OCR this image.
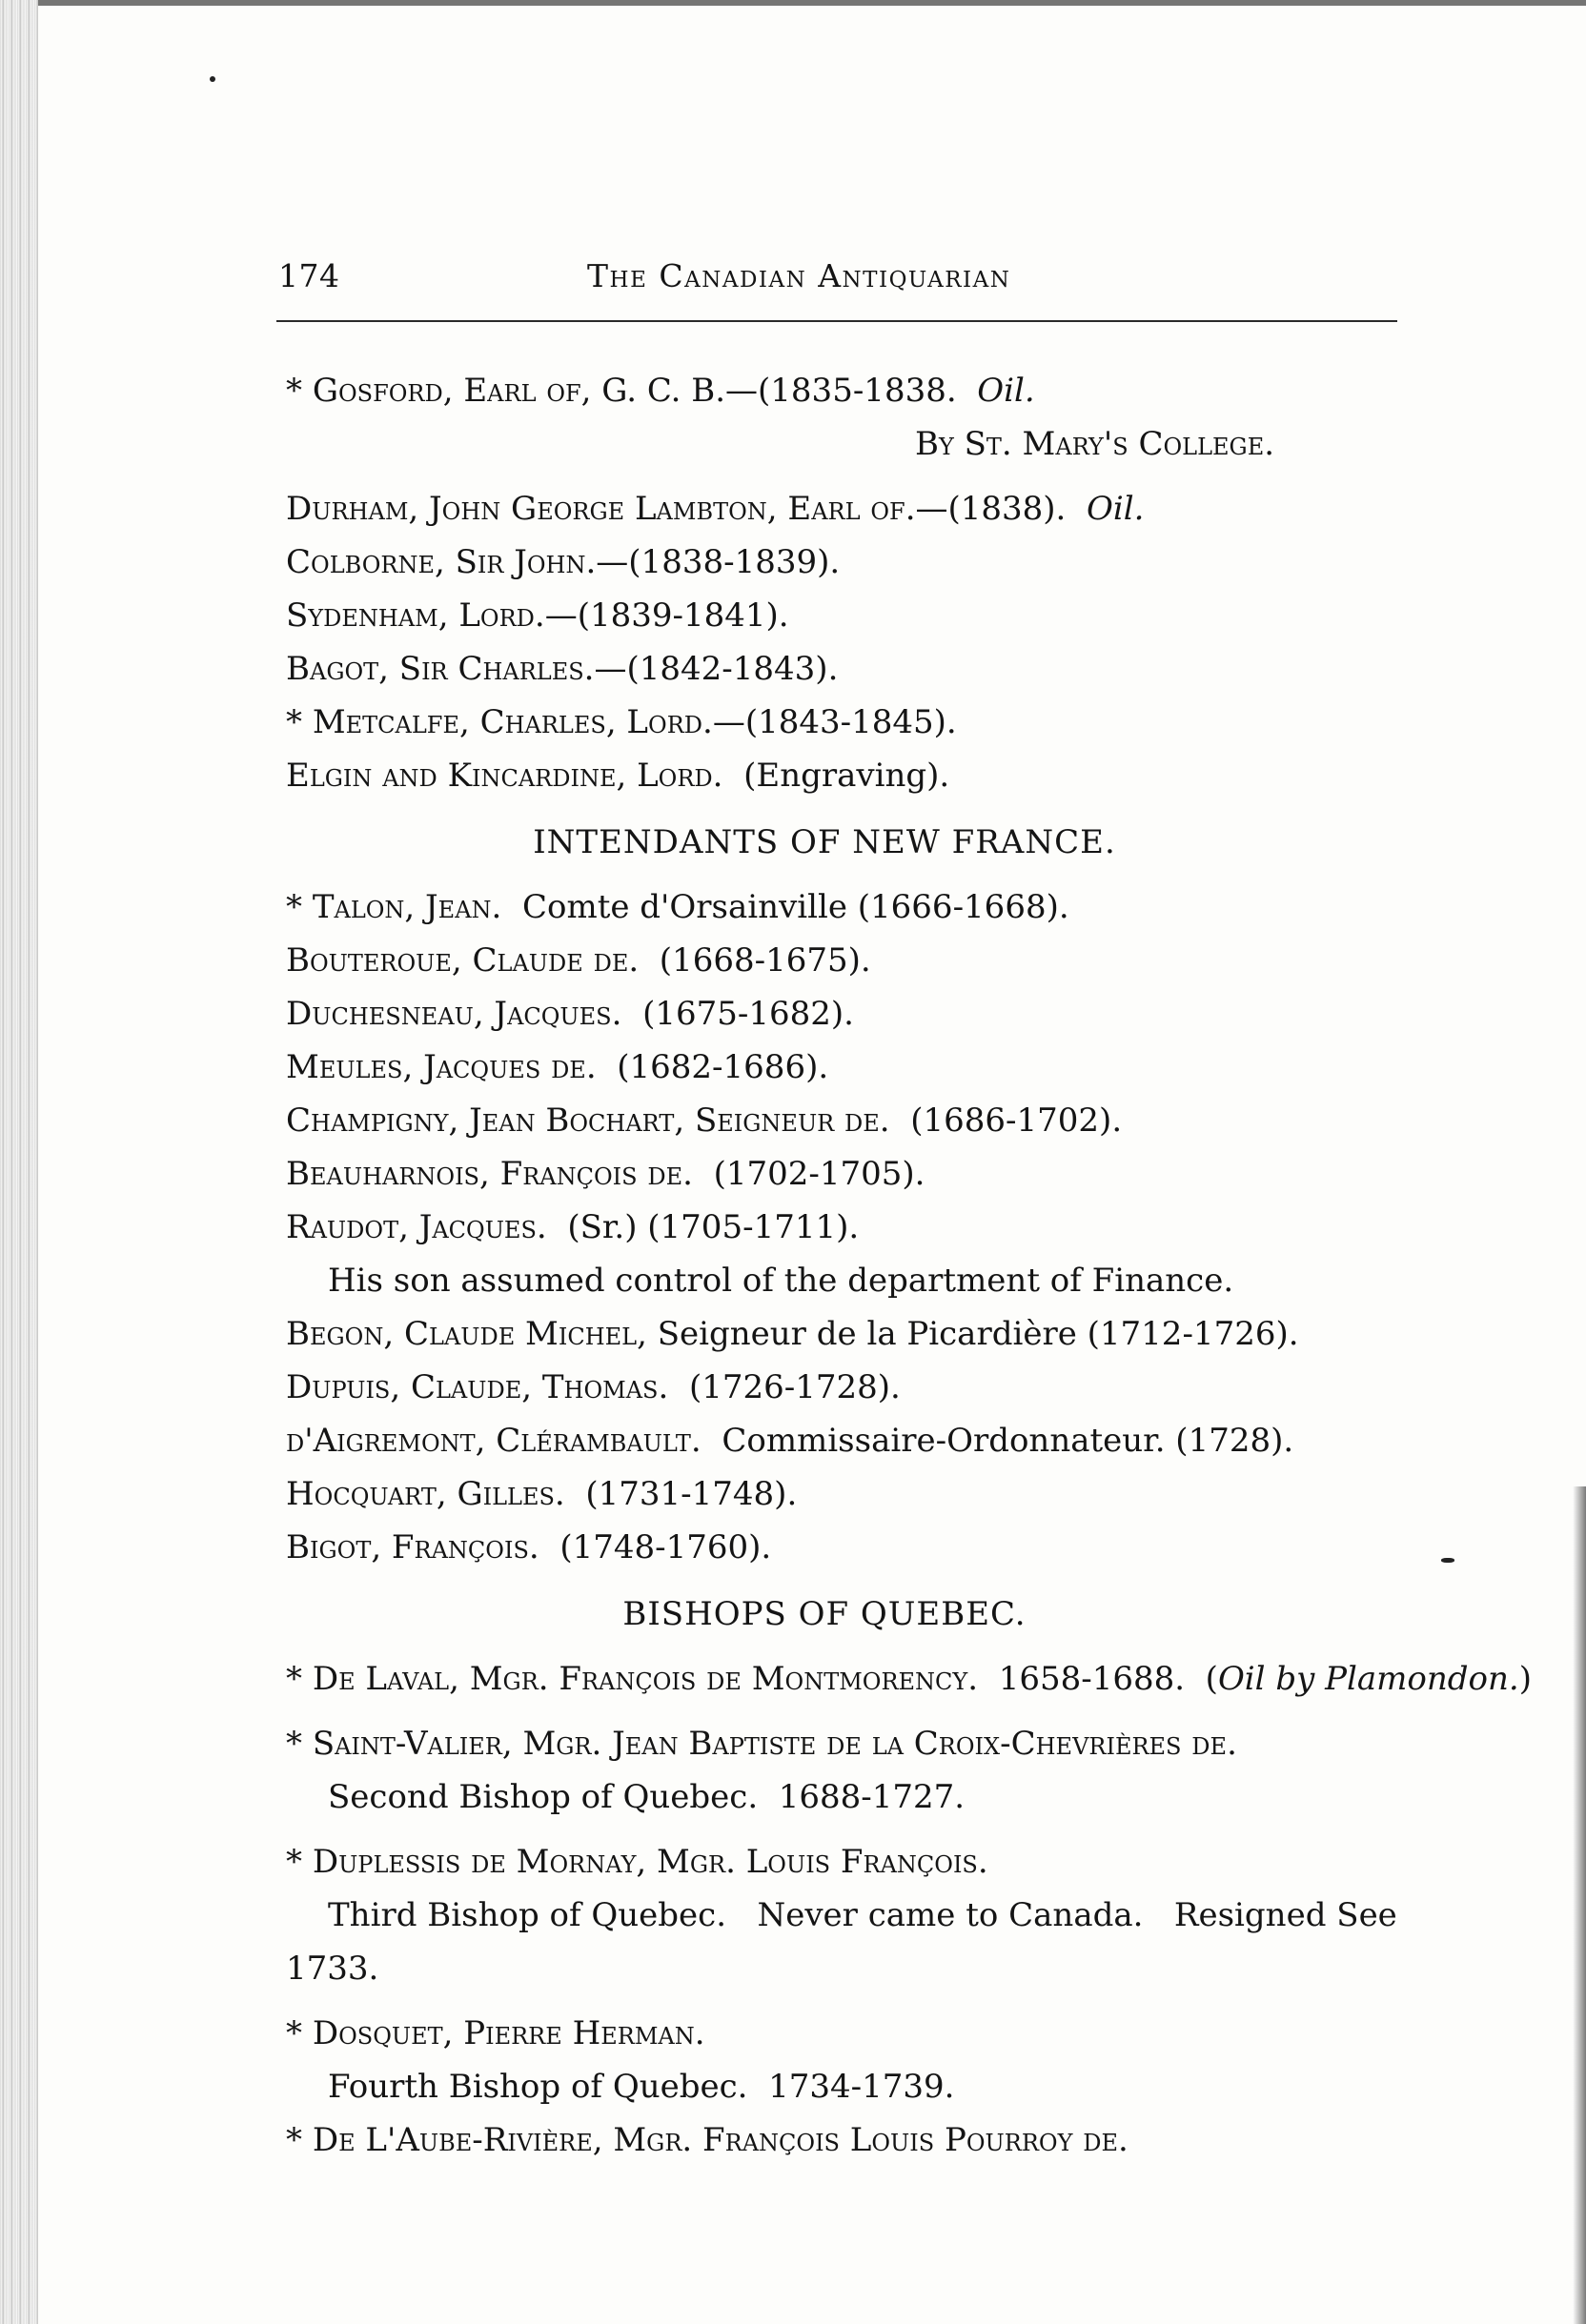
174	The Canadian Antiquarian
* Gosford, Earl of, G. C. B.—(1835-1838. Oil.
By St. Mary's College.
Durham, John George Lambton, Earl of.—(1838). Oil.
Colborne, Sir John.—(1838-1839).
Sydenham, Lord.—(1839-1841).
Bagot, Sir Charles.—(1842-1843).
* Metcalfe, Charles, Lord.—(1843-1845).
Elgin and Kincardine, Lord. (Engraving).
INTENDANTS OF NEW FRANCE.
* Talon, Jean. Comte d'Orsainville (1666-1668).
Bouteroue, Claude de. (1668-1675).
Duchesneau, Jacques. (1675-1682).
Meules, Jacques de. (1682-1686).
Champigny, Jean Bochart, Seigneur de. (1686-1702).
Beauharnois, François de. (1702-1705).
Raudot, Jacques. (Sr.) (1705-1711).
His son assumed control of the department of Finance.
Begon, Claude Michel, Seigneur de la Picardière (1712-1726).
Dupuis, Claude, Thomas. (1726-1728).
d'Aigremont, Clérambault. Commissaire-Ordonnateur. (1728).
Hocquart, Gilles. (1731-1748).
Bigot, François. (1748-1760).
BISHOPS OF QUEBEC.
* De Laval, Mgr. François de Montmorency. 1658-1688. (Oil by Plamondon.)
* Saint-Valier, Mgr. Jean Baptiste de la Croix-Chevrières de.
Second Bishop of Quebec. 1688-1727.
* Duplessis de Mornay, Mgr. Louis François.
Third Bishop of Quebec. Never came to Canada. Resigned See
1733.
* Dosquet, Pierre Herman.
Fourth Bishop of Quebec. 1734-1739.
* De L'Aube-Rivière, Mgr. François Louis Pourroy de.
